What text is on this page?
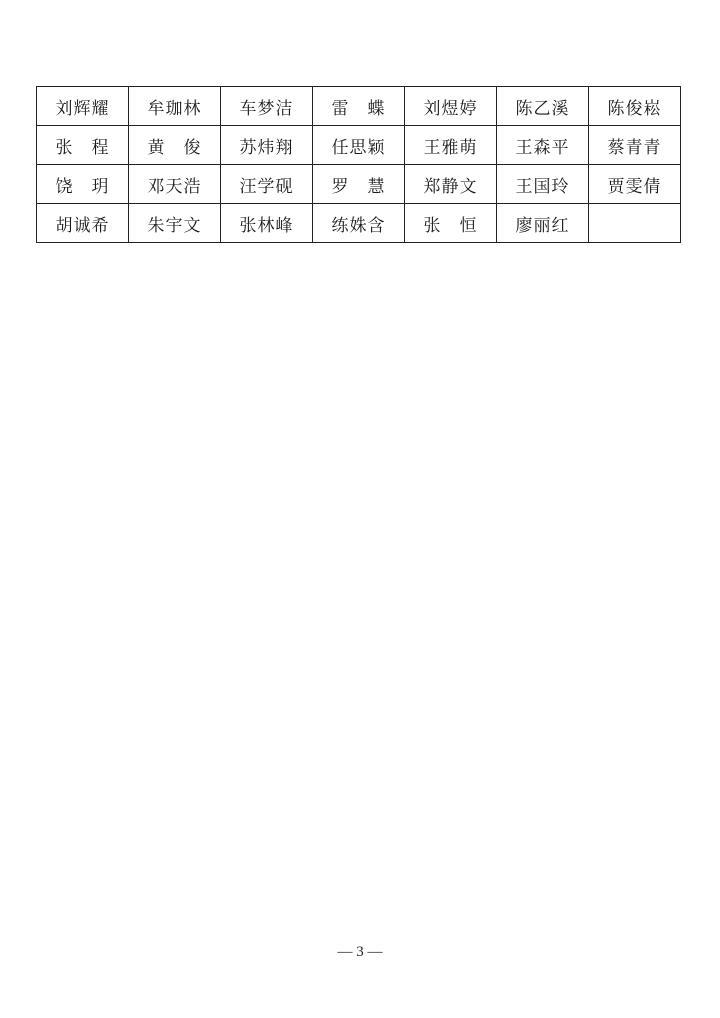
刘辉耀	牟珈林	车梦洁	雷　蝶	刘煜婷	陈乙溪	陈俊崧
张　程	黄　俊	苏炜翔	任思颖	王雅萌	王森平	蔡青青
饶　玥	邓天浩	汪学砚	罗　慧	郑静文	王国玲	贾雯倩
胡诚希	朱宇文	张林峰	练姝含	张　恒	廖丽红	
— 3 —
